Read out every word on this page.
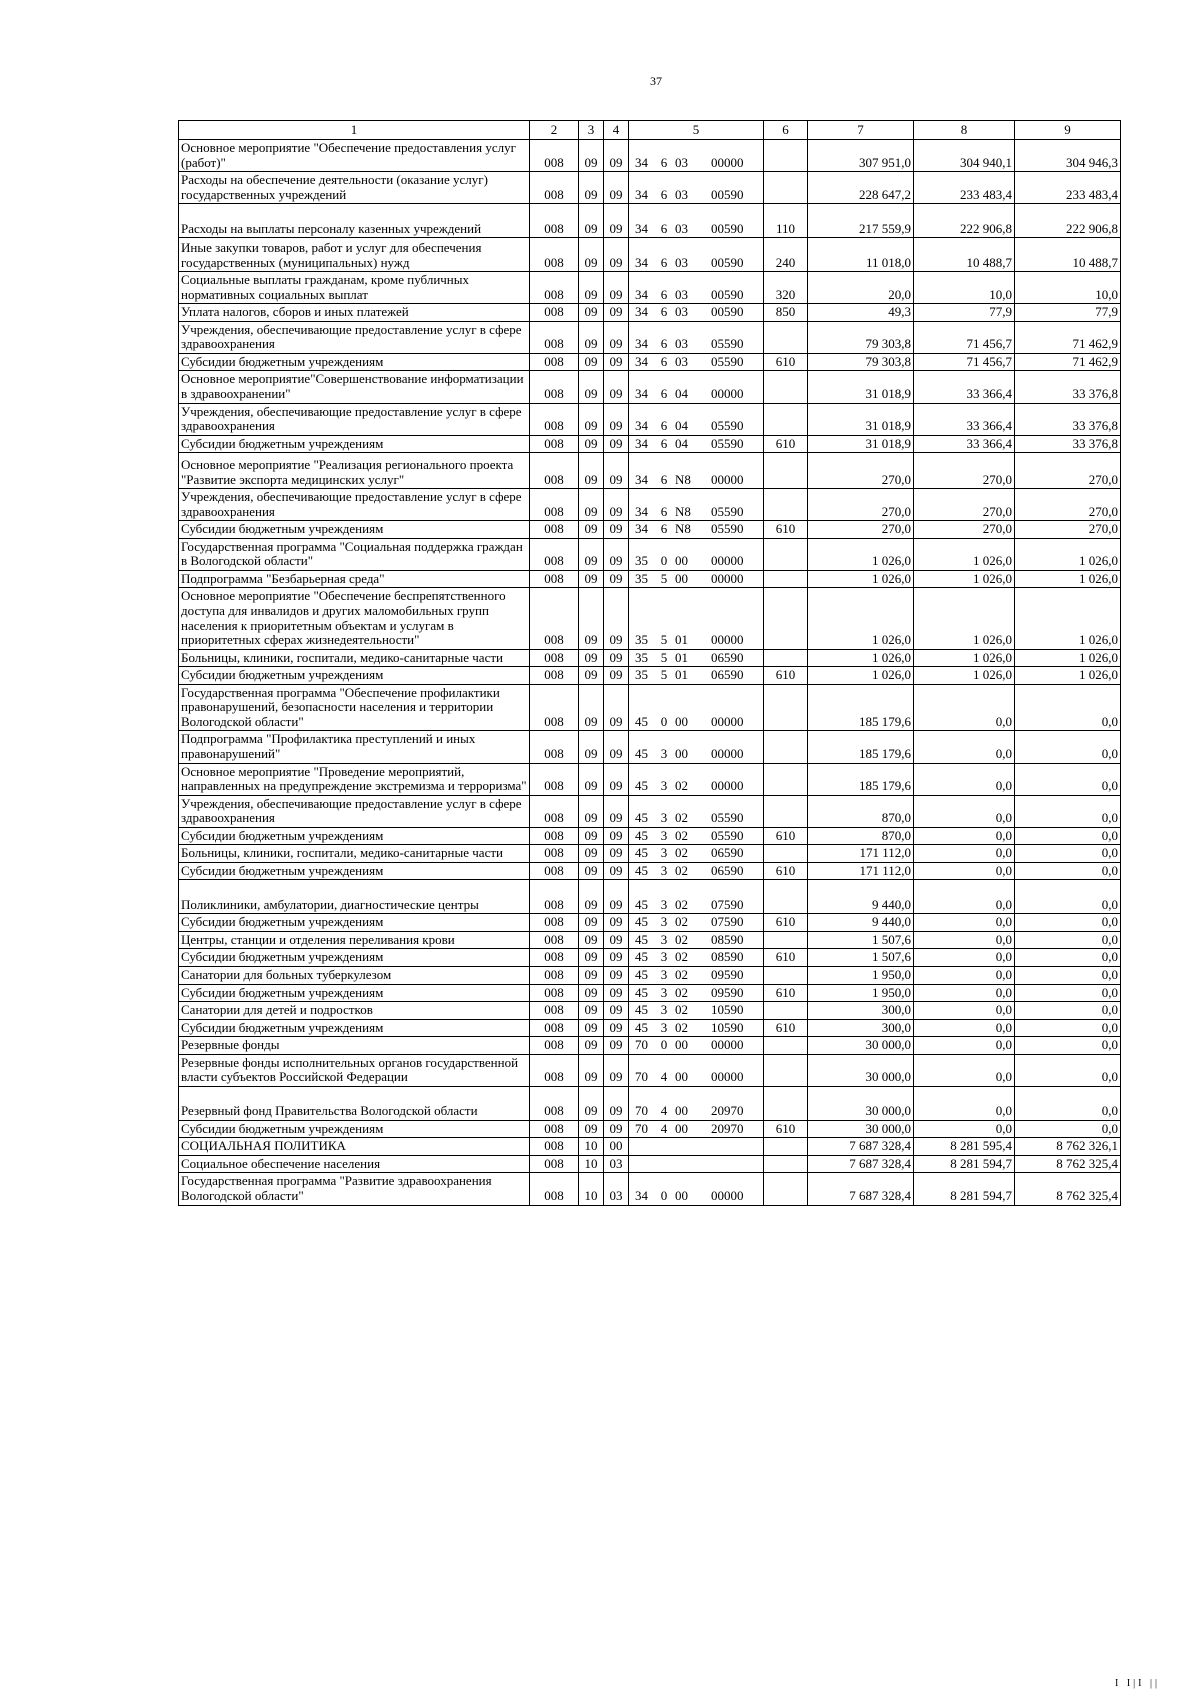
37
1	2	3	4	5	6	7	8	9
Основное мероприятие "Обеспечение предоставления услуг (работ)"	008	09	09	34 6 03 00000		307 951,0	304 940,1	304 946,3
Расходы на обеспечение деятельности (оказание услуг) государственных учреждений	008	09	09	34 6 03 00590		228 647,2	233 483,4	233 483,4
Расходы на выплаты персоналу казенных учреждений	008	09	09	34 6 03 00590	110	217 559,9	222 906,8	222 906,8
Иные закупки товаров, работ и услуг для обеспечения государственных (муниципальных) нужд	008	09	09	34 6 03 00590	240	11 018,0	10 488,7	10 488,7
Социальные выплаты гражданам, кроме публичных нормативных социальных выплат	008	09	09	34 6 03 00590	320	20,0	10,0	10,0
Уплата налогов, сборов и иных платежей	008	09	09	34 6 03 00590	850	49,3	77,9	77,9
Учреждения, обеспечивающие предоставление услуг в сфере здравоохранения	008	09	09	34 6 03 05590		79 303,8	71 456,7	71 462,9
Субсидии бюджетным учреждениям	008	09	09	34 6 03 05590	610	79 303,8	71 456,7	71 462,9
Основное мероприятие"Совершенствование информатизации в здравоохранении"	008	09	09	34 6 04 00000		31 018,9	33 366,4	33 376,8
Учреждения, обеспечивающие предоставление услуг в сфере здравоохранения	008	09	09	34 6 04 05590		31 018,9	33 366,4	33 376,8
Субсидии бюджетным учреждениям	008	09	09	34 6 04 05590	610	31 018,9	33 366,4	33 376,8
Основное мероприятие "Реализация регионального проекта "Развитие экспорта медицинских услуг"	008	09	09	34 6 N8 00000		270,0	270,0	270,0
Учреждения, обеспечивающие предоставление услуг в сфере здравоохранения	008	09	09	34 6 N8 05590		270,0	270,0	270,0
Субсидии бюджетным учреждениям	008	09	09	34 6 N8 05590	610	270,0	270,0	270,0
Государственная программа "Социальная поддержка граждан в Вологодской области"	008	09	09	35 0 00 00000		1 026,0	1 026,0	1 026,0
Подпрограмма "Безбарьерная среда"	008	09	09	35 5 00 00000		1 026,0	1 026,0	1 026,0
Основное мероприятие "Обеспечение беспрепятственного доступа для инвалидов и других маломобильных групп населения к приоритетным объектам и услугам в приоритетных сферах жизнедеятельности"	008	09	09	35 5 01 00000		1 026,0	1 026,0	1 026,0
Больницы, клиники, госпитали, медико-санитарные части	008	09	09	35 5 01 06590		1 026,0	1 026,0	1 026,0
Субсидии бюджетным учреждениям	008	09	09	35 5 01 06590	610	1 026,0	1 026,0	1 026,0
Государственная программа "Обеспечение профилактики правонарушений, безопасности населения и территории Вологодской области"	008	09	09	45 0 00 00000		185 179,6	0,0	0,0
Подпрограмма "Профилактика преступлений и иных правонарушений"	008	09	09	45 3 00 00000		185 179,6	0,0	0,0
Основное мероприятие "Проведение мероприятий, направленных на предупреждение экстремизма и терроризма"	008	09	09	45 3 02 00000		185 179,6	0,0	0,0
Учреждения, обеспечивающие предоставление услуг в сфере здравоохранения	008	09	09	45 3 02 05590		870,0	0,0	0,0
Субсидии бюджетным учреждениям	008	09	09	45 3 02 05590	610	870,0	0,0	0,0
Больницы, клиники, госпитали, медико-санитарные части	008	09	09	45 3 02 06590		171 112,0	0,0	0,0
Субсидии бюджетным учреждениям	008	09	09	45 3 02 06590	610	171 112,0	0,0	0,0
Поликлиники, амбулатории, диагностические центры	008	09	09	45 3 02 07590		9 440,0	0,0	0,0
Субсидии бюджетным учреждениям	008	09	09	45 3 02 07590	610	9 440,0	0,0	0,0
Центры, станции и отделения переливания крови	008	09	09	45 3 02 08590		1 507,6	0,0	0,0
Субсидии бюджетным учреждениям	008	09	09	45 3 02 08590	610	1 507,6	0,0	0,0
Санатории для больных туберкулезом	008	09	09	45 3 02 09590		1 950,0	0,0	0,0
Субсидии бюджетным учреждениям	008	09	09	45 3 02 09590	610	1 950,0	0,0	0,0
Санатории для детей и подростков	008	09	09	45 3 02 10590		300,0	0,0	0,0
Субсидии бюджетным учреждениям	008	09	09	45 3 02 10590	610	300,0	0,0	0,0
Резервные фонды	008	09	09	70 0 00 00000		30 000,0	0,0	0,0
Резервные фонды исполнительных органов государственной власти субъектов Российской Федерации	008	09	09	70 4 00 00000		30 000,0	0,0	0,0
Резервный фонд Правительства Вологодской области	008	09	09	70 4 00 20970		30 000,0	0,0	0,0
Субсидии бюджетным учреждениям	008	09	09	70 4 00 20970	610	30 000,0	0,0	0,0
СОЦИАЛЬНАЯ ПОЛИТИКА	008	10	00			7 687 328,4	8 281 595,4	8 762 326,1
Социальное обеспечение населения	008	10	03			7 687 328,4	8 281 594,7	8 762 325,4
Государственная программа "Развитие здравоохранения Вологодской области"	008	10	03	34 0 00 00000		7 687 328,4	8 281 594,7	8 762 325,4
I I|I ||
